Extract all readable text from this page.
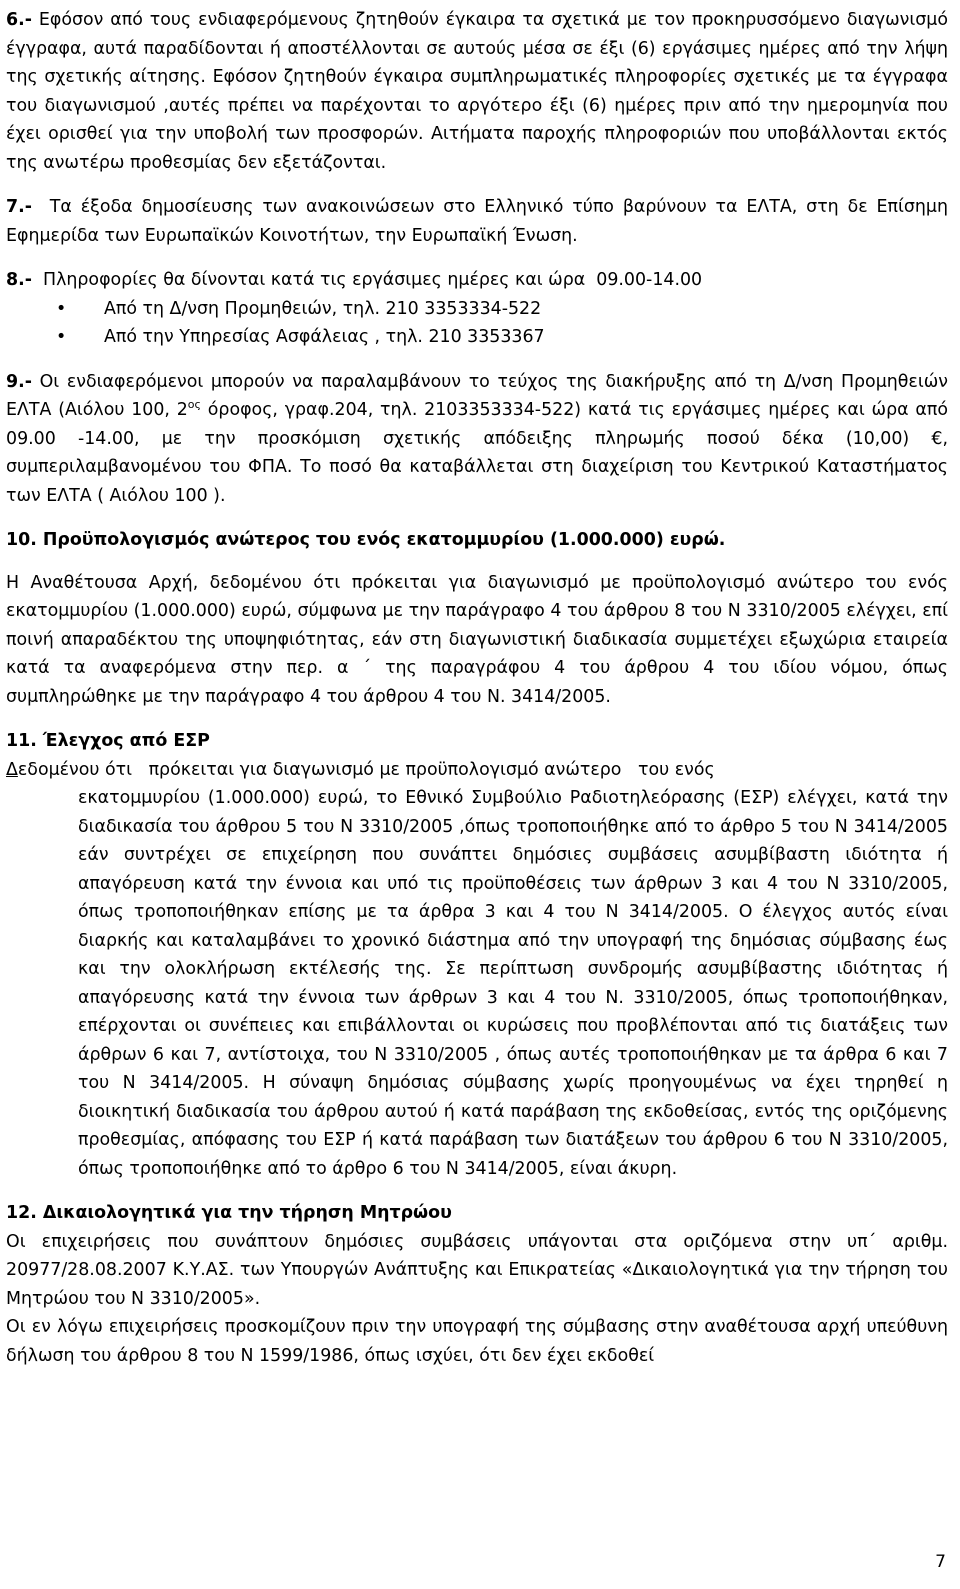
6.- Εφόσον από τους ενδιαφερόμενους ζητηθούν έγκαιρα τα σχετικά με τον προκηρυσσόμενο διαγωνισμό έγγραφα, αυτά παραδίδονται ή αποστέλλονται σε αυτούς μέσα σε έξι (6) εργάσιμες ημέρες από την λήψη της σχετικής αίτησης. Εφόσον ζητηθούν έγκαιρα συμπληρωματικές πληροφορίες σχετικές με τα έγγραφα του διαγωνισμού ,αυτές πρέπει να παρέχονται το αργότερο έξι (6) ημέρες πριν από την ημερομηνία που έχει ορισθεί για την υποβολή των προσφορών. Αιτήματα παροχής πληροφοριών που υποβάλλονται εκτός της ανωτέρω προθεσμίας δεν εξετάζονται.

7.-  Τα έξοδα δημοσίευσης των ανακοινώσεων στο Ελληνικό τύπο βαρύνουν τα ΕΛΤΑ, στη δε Επίσημη Εφημερίδα των Ευρωπαϊκών Κοινοτήτων, την Ευρωπαϊκή Ένωση.

8.-  Πληροφορίες θα δίνονται κατά τις εργάσιμες ημέρες και ώρα  09.00-14.00

• Από τη Δ/νση Προμηθειών, τηλ. 210 3353334-522
• Από την Υπηρεσίας Ασφάλειας , τηλ. 210 3353367

9.- Οι ενδιαφερόμενοι μπορούν να παραλαμβάνουν το τεύχος της διακήρυξης από τη Δ/νση Προμηθειών ΕΛΤΑ (Αιόλου 100, $2^{o\varsigma}$ όροφος, γραφ.204, τηλ. 2103353334-522) κατά τις εργάσιμες ημέρες και ώρα από 09.00 -14.00, με την προσκόμιση σχετικής απόδειξης πληρωμής ποσού δέκα (10,00) €, συμπεριλαμβανομένου του ΦΠΑ. Το ποσό θα καταβάλλεται στη διαχείριση του Κεντρικού Καταστήματος των ΕΛΤΑ ( Αιόλου 100 ).

10. Προϋπολογισμός ανώτερος του ενός εκατομμυρίου (1.000.000) ευρώ.

Η Αναθέτουσα Αρχή, δεδομένου ότι πρόκειται για διαγωνισμό με προϋπολογισμό ανώτερο του ενός εκατομμυρίου (1.000.000) ευρώ, σύμφωνα με την παράγραφο 4 του άρθρου 8 του Ν 3310/2005 ελέγχει, επί ποινή απαραδέκτου της υποψηφιότητας, εάν στη διαγωνιστική διαδικασία συμμετέχει εξωχώρια εταιρεία κατά τα αναφερόμενα στην περ. α ΄ της παραγράφου 4 του άρθρου 4 του ιδίου νόμου, όπως συμπληρώθηκε με την παράγραφο 4 του άρθρου 4 του Ν. 3414/2005.

11. Έλεγχος από ΕΣΡ

Δεδομένου ότι   πρόκειται για διαγωνισμό με προϋπολογισμό ανώτερο   του ενός

εκατομμυρίου (1.000.000) ευρώ, το Εθνικό Συμβούλιο Ραδιοτηλεόρασης (ΕΣΡ) ελέγχει, κατά την διαδικασία του άρθρου 5 του Ν 3310/2005 ,όπως τροποποιήθηκε από το άρθρο 5 του Ν 3414/2005 εάν συντρέχει σε επιχείρηση που συνάπτει δημόσιες συμβάσεις ασυμβίβαστη ιδιότητα ή απαγόρευση κατά την έννοια και υπό τις προϋποθέσεις των άρθρων 3 και 4 του Ν 3310/2005, όπως τροποποιήθηκαν επίσης με τα άρθρα 3 και 4 του Ν 3414/2005. Ο έλεγχος αυτός είναι διαρκής και καταλαμβάνει το χρονικό διάστημα από την υπογραφή της δημόσιας σύμβασης έως και την ολοκλήρωση εκτέλεσής της. Σε περίπτωση συνδρομής ασυμβίβαστης ιδιότητας ή απαγόρευσης κατά την έννοια των άρθρων 3 και 4 του Ν. 3310/2005, όπως τροποποιήθηκαν, επέρχονται οι συνέπειες και επιβάλλονται οι κυρώσεις που προβλέπονται από τις διατάξεις των άρθρων 6 και 7, αντίστοιχα, του Ν 3310/2005 , όπως αυτές τροποποιήθηκαν με τα άρθρα 6 και 7 του Ν 3414/2005. Η σύναψη δημόσιας σύμβασης χωρίς προηγουμένως να έχει τηρηθεί η διοικητική διαδικασία του άρθρου αυτού ή κατά παράβαση της εκδοθείσας, εντός της οριζόμενης προθεσμίας, απόφασης του ΕΣΡ ή κατά παράβαση των διατάξεων του άρθρου 6 του Ν 3310/2005, όπως τροποποιήθηκε από το άρθρο 6 του Ν 3414/2005, είναι άκυρη.

12. Δικαιολογητικά για την τήρηση Μητρώου

Οι επιχειρήσεις που συνάπτουν δημόσιες συμβάσεις υπάγονται στα οριζόμενα στην υπ΄ αριθμ. 20977/28.08.2007 Κ.Υ.ΑΣ. των Υπουργών Ανάπτυξης και Επικρατείας «Δικαιολογητικά για την τήρηση του Μητρώου του Ν 3310/2005».

Οι εν λόγω επιχειρήσεις προσκομίζουν πριν την υπογραφή της σύμβασης στην αναθέτουσα αρχή υπεύθυνη δήλωση του άρθρου 8 του Ν 1599/1986, όπως ισχύει, ότι δεν έχει εκδοθεί

7
